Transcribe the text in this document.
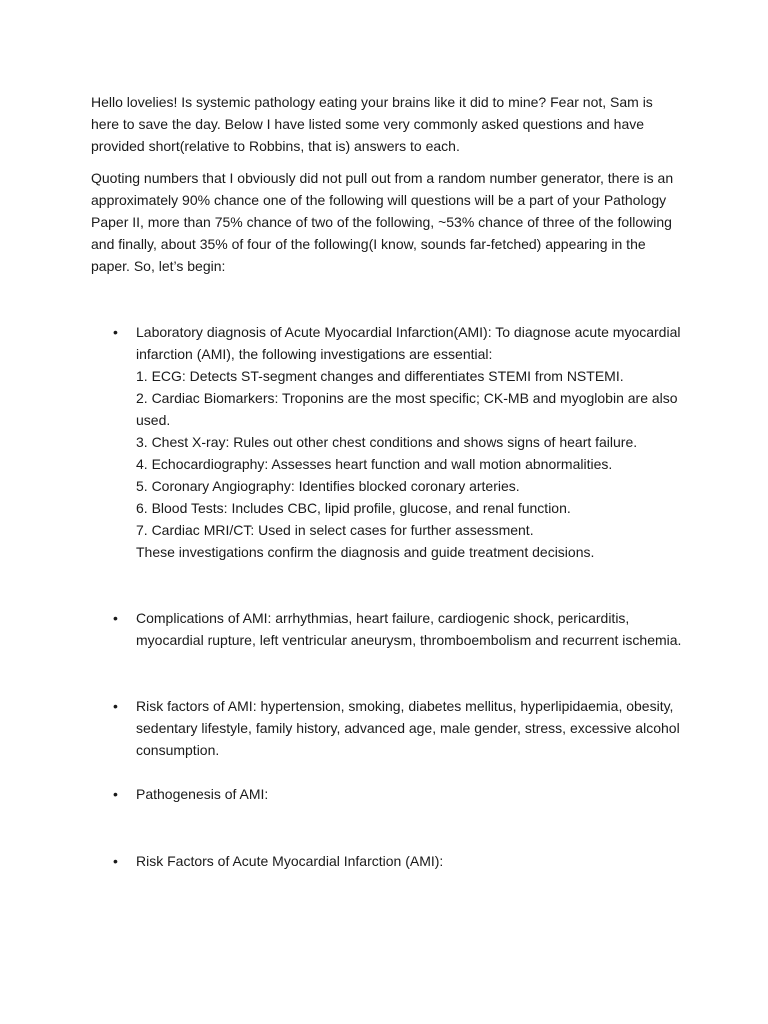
Hello lovelies! Is systemic pathology eating your brains like it did to mine? Fear not, Sam is here to save the day. Below I have listed some very commonly asked questions and have provided short(relative to Robbins, that is) answers to each.

Quoting numbers that I obviously did not pull out from a random number generator, there is an approximately 90% chance one of the following will questions will be a part of your Pathology Paper II, more than 75% chance of two of the following, ~53% chance of three of the following and finally, about 35% of four of the following(I know, sounds far-fetched) appearing in the paper. So, let’s begin:

• Laboratory diagnosis of Acute Myocardial Infarction(AMI): To diagnose acute myocardial infarction (AMI), the following investigations are essential:
1. ECG: Detects ST-segment changes and differentiates STEMI from NSTEMI.
2. Cardiac Biomarkers: Troponins are the most specific; CK-MB and myoglobin are also used.
3. Chest X-ray: Rules out other chest conditions and shows signs of heart failure.
4. Echocardiography: Assesses heart function and wall motion abnormalities.
5. Coronary Angiography: Identifies blocked coronary arteries.
6. Blood Tests: Includes CBC, lipid profile, glucose, and renal function.
7. Cardiac MRI/CT: Used in select cases for further assessment.
These investigations confirm the diagnosis and guide treatment decisions.
• Complications of AMI: arrhythmias, heart failure, cardiogenic shock, pericarditis, myocardial rupture, left ventricular aneurysm, thromboembolism and recurrent ischemia.
• Risk factors of AMI: hypertension, smoking, diabetes mellitus, hyperlipidaemia, obesity, sedentary lifestyle, family history, advanced age, male gender, stress, excessive alcohol consumption.
• Pathogenesis of AMI:
• Risk Factors of Acute Myocardial Infarction (AMI):
